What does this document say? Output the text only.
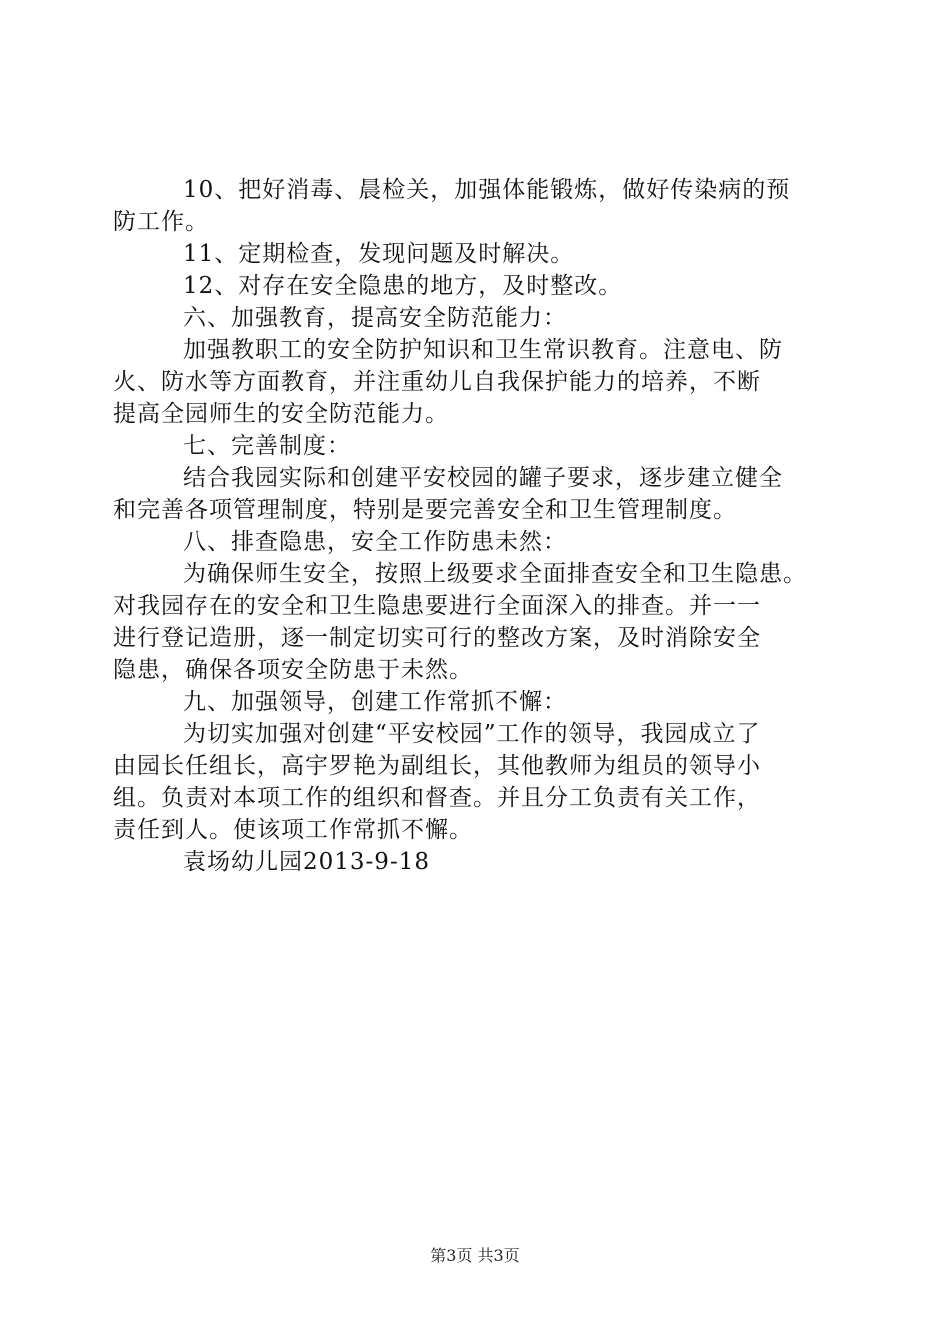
10、把好消毒、晨检关，加强体能锻炼，做好传染病的预
防工作。
11、定期检查，发现问题及时解决。
12、对存在安全隐患的地方，及时整改。
六、加强教育，提高安全防范能力：
加强教职工的安全防护知识和卫生常识教育。注意电、防
火、防水等方面教育，并注重幼儿自我保护能力的培养，不断
提高全园师生的安全防范能力。
七、完善制度：
结合我园实际和创建平安校园的罐子要求，逐步建立健全
和完善各项管理制度，特别是要完善安全和卫生管理制度。
八、排查隐患，安全工作防患未然：
为确保师生安全，按照上级要求全面排查安全和卫生隐患。
对我园存在的安全和卫生隐患要进行全面深入的排查。并一一
进行登记造册，逐一制定切实可行的整改方案，及时消除安全
隐患，确保各项安全防患于未然。
九、加强领导，创建工作常抓不懈：
为切实加强对创建“平安校园”工作的领导，我园成立了
由园长任组长，高宇罗艳为副组长，其他教师为组员的领导小
组。负责对本项工作的组织和督查。并且分工负责有关工作，
责任到人。使该项工作常抓不懈。
袁场幼儿园2013-9-18
第3页 共3页
